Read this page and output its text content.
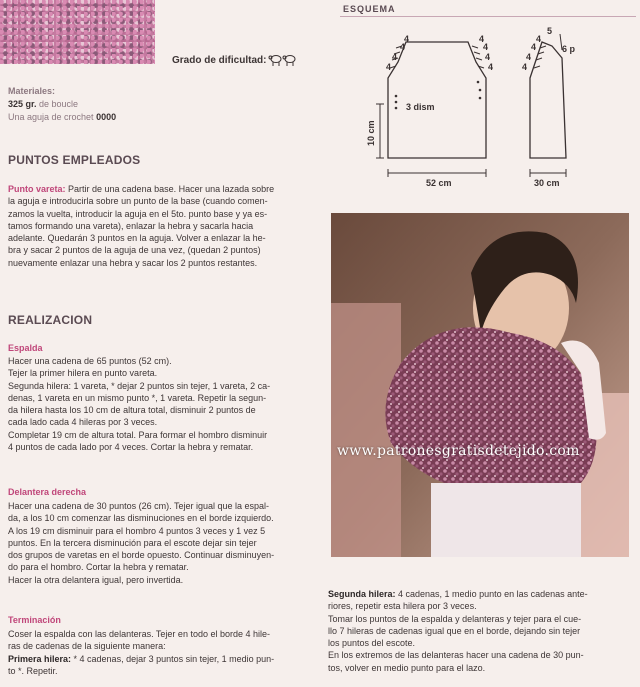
Grado de dificultad:
Materiales:
325 gr. de boucle
Una aguja de crochet 0000
PUNTOS EMPLEADOS
Punto vareta: Partir de una cadena base. Hacer una lazada sobre
la aguja e introducirla sobre un punto de la base (cuando comen-
zamos la vuelta, introducir la aguja en el 5to. punto base y ya es-
tamos formando una vareta), enlazar la hebra y sacarla hacia
adelante. Quedarán 3 puntos en la aguja. Volver a enlazar la he-
bra y sacar 2 puntos de la aguja de una vez, (quedan 2 puntos)
nuevamente enlazar una hebra y sacar los 2 puntos restantes.
REALIZACION
Espalda
Hacer una cadena de 65 puntos (52 cm).
Tejer la primer hilera en punto vareta.
Segunda hilera: 1 vareta, * dejar 2 puntos sin tejer, 1 vareta, 2 ca-
denas, 1 vareta en un mismo punto *, 1 vareta. Repetir la segun-
da hilera hasta los 10 cm de altura total, disminuir 2 puntos de
cada lado cada 4 hileras por 3 veces.
Completar 19 cm de altura total. Para formar el hombro disminuir
4 puntos de cada lado por 4 veces. Cortar la hebra y rematar.
Delantera derecha
Hacer una cadena de 30 puntos (26 cm). Tejer igual que la espal-
da, a los 10 cm comenzar las disminuciones en el borde izquierdo.
A los 19 cm disminuir para el hombro 4 puntos 3 veces y 1 vez 5
puntos. En la tercera disminución para el escote dejar sin tejer
dos grupos de varetas en el borde opuesto. Continuar disminuyen-
do para el hombro. Cortar la hebra y rematar.
Hacer la otra delantera igual, pero invertida.
Terminación
Coser la espalda con las delanteras. Tejer en todo el borde 4 hile-
ras de cadenas de la siguiente manera:
Primera hilera: * 4 cadenas, dejar 3 puntos sin tejer, 1 medio pun-
to *. Repetir.
ESQUEMA
4
4
4
4
4
4
4
4
4
4
4
4
5
6 p
3 dism
52 cm	30 cm
10 cm
www.patronesgratisdetejido.com
Segunda hilera: 4 cadenas, 1 medio punto en las cadenas ante-
riores, repetir esta hilera por 3 veces.
Tomar los puntos de la espalda y delanteras y tejer para el cue-
llo 7 hileras de cadenas igual que en el borde, dejando sin tejer
los puntos del escote.
En los extremos de las delanteras hacer una cadena de 30 pun-
tos, volver en medio punto para el lazo.
